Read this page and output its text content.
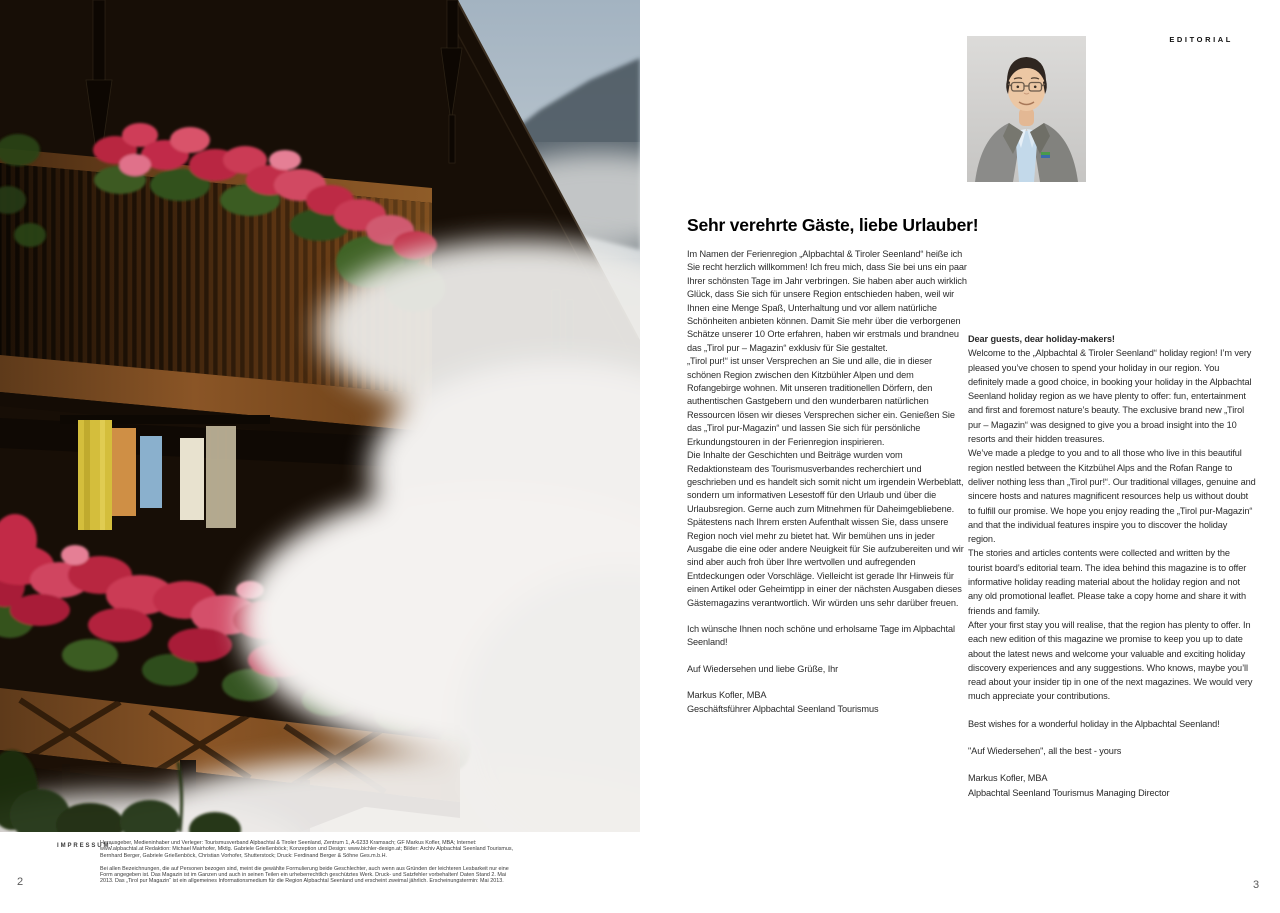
IMPRESSUM:

Herausgeber, Medieninhaber und Verleger: Tourismusverband Alpbachtal & Tiroler Seenland, Zentrum 1, A-6233 Kramsach; GF Markus Kofler, MBA; Internet: www.alpbachtal.at Redaktion: Michael Mairhofer, Mktlg. Gabriele Grießenböck; Konzeption und Design: www.bichler-design.at; Bilder: Archiv Alpbachtal Seenland Tourismus, Bernhard Berger, Gabriele Grießenböck, Christian Vorhofer, Shutterstock; Druck: Ferdinand Berger & Söhne Ges.m.b.H.

Bei allen Bezeichnungen, die auf Personen bezogen sind, meint die gewählte Formulierung beide Geschlechter, auch wenn aus Gründen der leichteren Lesbarkeit nur eine Form angegeben ist. Das Magazin ist im Ganzen und auch in seinen Teilen ein urheberrechtlich geschütztes Werk. Druck- und Satzfehler vorbehalten! Daten Stand 2. Mai 2013. Das „Tirol pur Magazin“ ist ein allgemeines Informationsmedium für die Region Alpbachtal Seenland und erscheint zweimal jährlich. Erscheinungstermin: Mai 2013.

2
EDITORIAL
Sehr verehrte Gäste, liebe Urlauber!

Im Namen der Ferienregion „Alpbachtal & Tiroler Seenland“ heiße ich Sie recht herzlich willkommen! Ich freu mich, dass Sie bei uns ein paar Ihrer schönsten Tage im Jahr verbringen. Sie haben aber auch wirklich Glück, dass Sie sich für unsere Region entschieden haben, weil wir Ihnen eine Menge Spaß, Unterhaltung und vor allem natürliche Schönheiten anbieten können. Damit Sie mehr über die verborgenen Schätze unserer 10 Orte erfahren, haben wir erstmals und brandneu das „Tirol pur – Magazin“ exklusiv für Sie gestaltet.

„Tirol pur!“ ist unser Versprechen an Sie und alle, die in dieser schönen Region zwischen den Kitzbühler Alpen und dem Rofangebirge wohnen. Mit unseren traditionellen Dörfern, den authentischen Gastgebern und den wunderbaren natürlichen Ressourcen lösen wir dieses Versprechen sicher ein. Genießen Sie das „Tirol pur-Magazin“ und lassen Sie sich für persönliche Erkundungstouren in der Ferienregion inspirieren.

Die Inhalte der Geschichten und Beiträge wurden vom Redaktionsteam des Tourismusverbandes recherchiert und geschrieben und es handelt sich somit nicht um irgendein Werbeblatt, sondern um informativen Lesestoff für den Urlaub und über die Urlaubsregion. Gerne auch zum Mitnehmen für Daheimgebliebene.

Spätestens nach Ihrem ersten Aufenthalt wissen Sie, dass unsere Region noch viel mehr zu bietet hat. Wir bemühen uns in jeder Ausgabe die eine oder andere Neuigkeit für Sie aufzubereiten und wir sind aber auch froh über Ihre wertvollen und aufregenden Entdeckungen oder Vorschläge. Vielleicht ist gerade Ihr Hinweis für einen Artikel oder Geheimtipp in einer der nächsten Ausgaben dieses Gästemagazins verantwortlich. Wir würden uns sehr darüber freuen.

Ich wünsche Ihnen noch schöne und erholsame Tage im Alpbachtal Seenland!

Auf Wiedersehen und liebe Grüße, Ihr

Markus Kofler, MBA

Geschäftsführer Alpbachtal Seenland Tourismus

Dear guests, dear holiday-makers!

Welcome to the „Alpbachtal & Tiroler Seenland“ holiday region! I’m very pleased you’ve chosen to spend your holiday in our region. You definitely made a good choice, in booking your holiday in the Alpbachtal Seenland holiday region as we have plenty to offer: fun, entertainment and first and foremost nature’s beauty. The exclusive brand new „Tirol pur – Magazin“ was designed to give you a broad insight into the 10 resorts and their hidden treasures.

We’ve made a pledge to you and to all those who live in this beautiful region nestled between the Kitzbühel Alps and the Rofan Range to deliver nothing less than „Tirol pur!“. Our traditional villages, genuine and sincere hosts and natures magnificent resources help us without doubt to fulfill our promise. We hope you enjoy reading the „Tirol pur-Magazin“ and that the individual features inspire you to discover the holiday region.

The stories and articles contents were collected and written by the tourist board’s editorial team. The idea behind this magazine is to offer informative holiday reading material about the holiday region and not any old promotional leaflet. Please take a copy home and share it with friends and family.

After your first stay you will realise, that the region has plenty to offer. In each new edition of this magazine we promise to keep you up to date about the latest news and welcome your valuable and exciting holiday discovery experiences and any suggestions. Who knows, maybe you’ll read about your insider tip in one of the next magazines. We would very much appreciate your contributions.

Best wishes for a wonderful holiday in the Alpbachtal Seenland!

"Auf Wiedersehen", all the best - yours

Markus Kofler, MBA

Alpbachtal Seenland Tourismus Managing Director

3
